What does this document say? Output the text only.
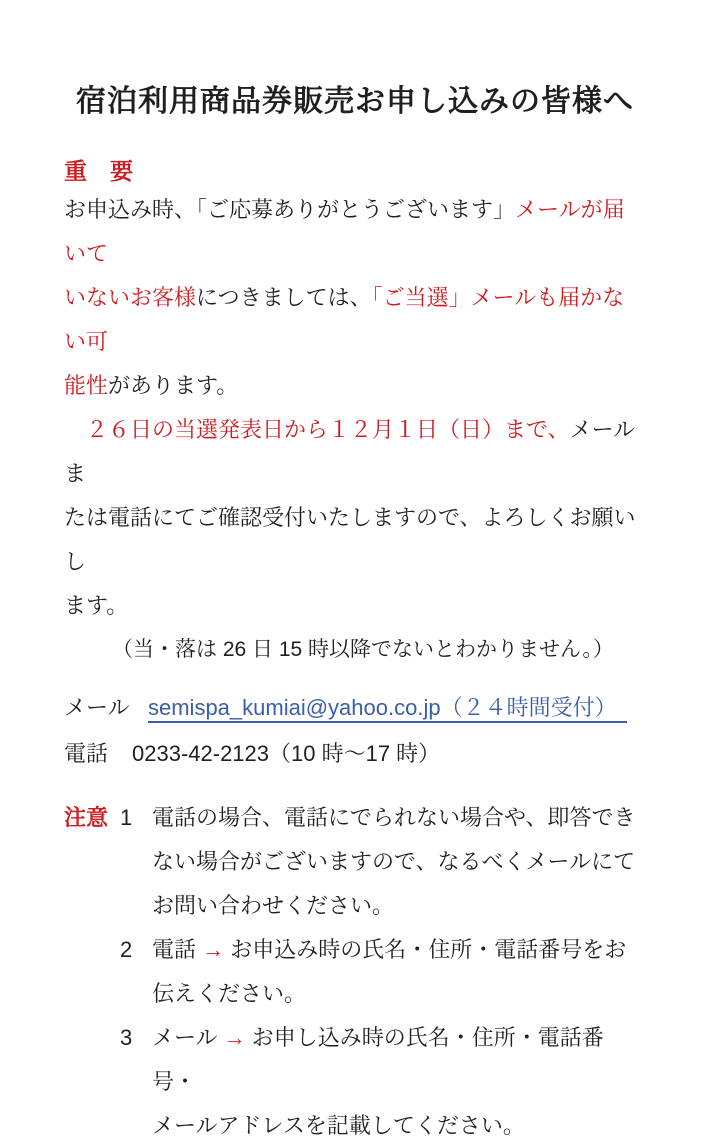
宿泊利用商品券販売お申し込みの皆様へ
重　要
お申込み時、「ご応募ありがとうございます」メールが届いて
いないお客様につきましては、「ご当選」メールも届かない可
能性があります。
　２６日の当選発表日から１２月１日（日）まで、メールま
たは電話にてご確認受付いたしますので、よろしくお願いし
ます。
（当・落は 26 日 15 時以降でないとわかりません。）
メール semispa_kumiai@yahoo.co.jp（２４時間受付）
電話 0233-42-2123（10 時～17 時）
注意 1 電話の場合、電話にでられない場合や、即答でき
ない場合がございますので、なるべくメールにて
お問い合わせください。
2 電話 → お申込み時の氏名・住所・電話番号をお
伝えください。
3 メール → お申し込み時の氏名・住所・電話番号・
メールアドレスを記載してください。
